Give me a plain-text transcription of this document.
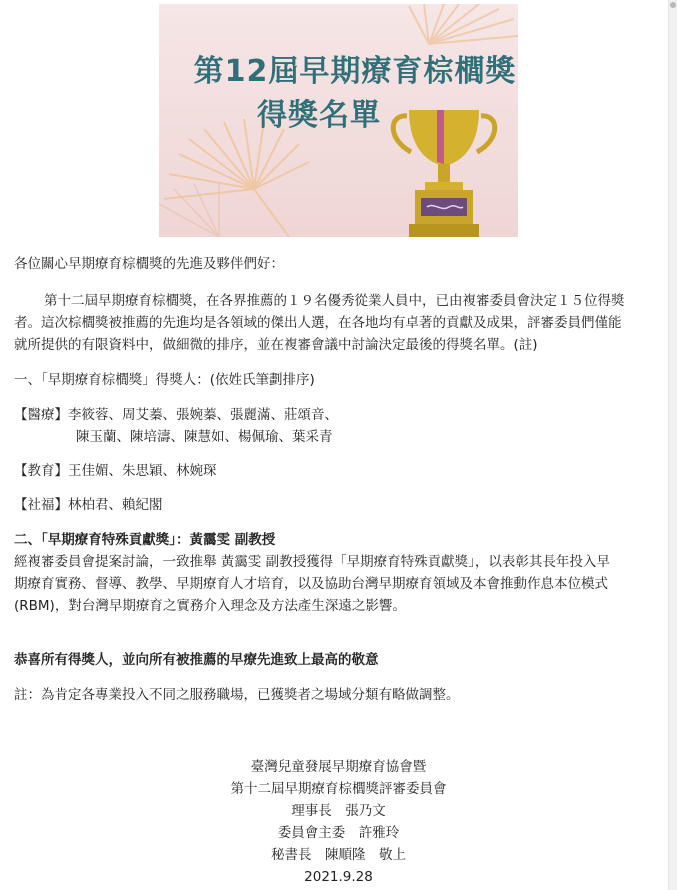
第12屆早期療育棕櫚獎
得獎名單

各位關心早期療育棕櫚獎的先進及夥伴們好：

第十二屆早期療育棕櫚獎，在各界推薦的１９名優秀從業人員中，已由複審委員會決定１５位得獎

者。這次棕櫚獎被推薦的先進均是各領域的傑出人選，在各地均有卓著的貢獻及成果，評審委員們僅能

就所提供的有限資料中，做細微的排序，並在複審會議中討論決定最後的得獎名單。(註)

一、「早期療育棕櫚獎」得獎人：(依姓氏筆劃排序)

【醫療】李筱蓉、周艾蓁、張婉蓁、張麗滿、莊頌音、

陳玉蘭、陳培濤、陳慧如、楊佩瑜、葉采青

【教育】王佳媚、朱思穎、林婉琛

【社福】林柏君、賴紀閣

二、「早期療育特殊貢獻獎」：黃靄雯 副教授

經複審委員會提案討論，一致推舉 黃靄雯 副教授獲得「早期療育特殊貢獻獎」，以表彰其長年投入早

期療育實務、督導、教學、早期療育人才培育，以及協助台灣早期療育領域及本會推動作息本位模式

(RBM)，對台灣早期療育之實務介入理念及方法產生深遠之影響。

恭喜所有得獎人，並向所有被推薦的早療先進致上最高的敬意

註：為肯定各專業投入不同之服務職場，已獲獎者之場域分類有略做調整。

臺灣兒童發展早期療育協會暨

第十二屆早期療育棕櫚獎評審委員會

理事長　張乃文

委員會主委　許雅玲

秘書長　陳順隆　敬上

2021.9.28
